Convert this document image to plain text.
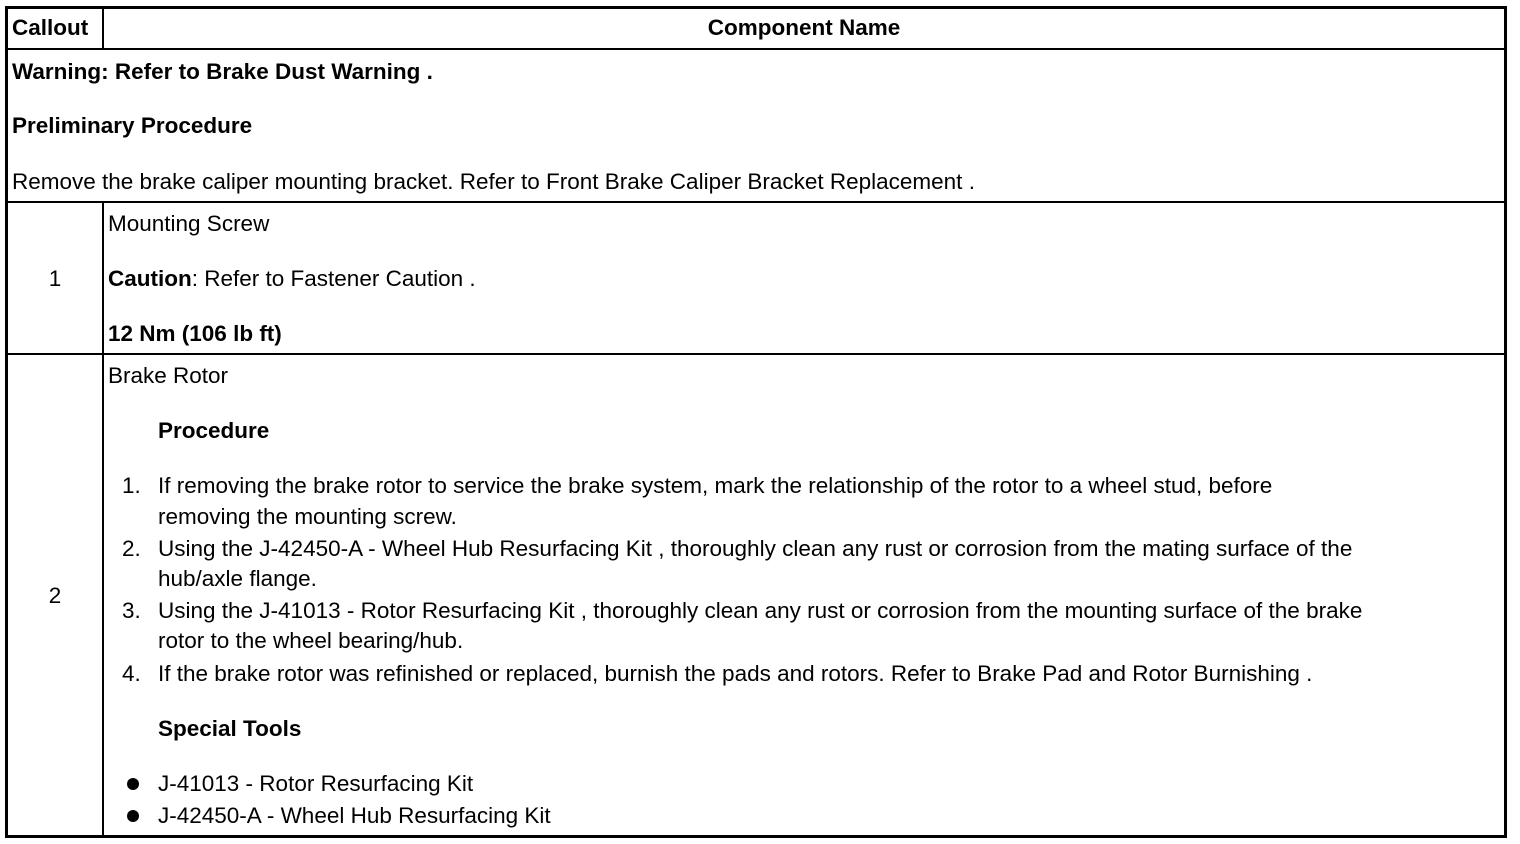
Callout	Component Name
Warning: Refer to Brake Dust Warning .
Preliminary Procedure
Remove the brake caliper mounting bracket. Refer to Front Brake Caliper Bracket Replacement .
1
Mounting Screw
Caution: Refer to Fastener Caution .
12 Nm (106 lb ft)
2
Brake Rotor
Procedure
1. If removing the brake rotor to service the brake system, mark the relationship of the rotor to a wheel stud, before
removing the mounting screw.
2. Using the J-42450-A - Wheel Hub Resurfacing Kit , thoroughly clean any rust or corrosion from the mating surface of the
hub/axle flange.
3. Using the J-41013 - Rotor Resurfacing Kit , thoroughly clean any rust or corrosion from the mounting surface of the brake
rotor to the wheel bearing/hub.
4. If the brake rotor was refinished or replaced, burnish the pads and rotors. Refer to Brake Pad and Rotor Burnishing .
Special Tools
J-41013 - Rotor Resurfacing Kit
J-42450-A - Wheel Hub Resurfacing Kit
